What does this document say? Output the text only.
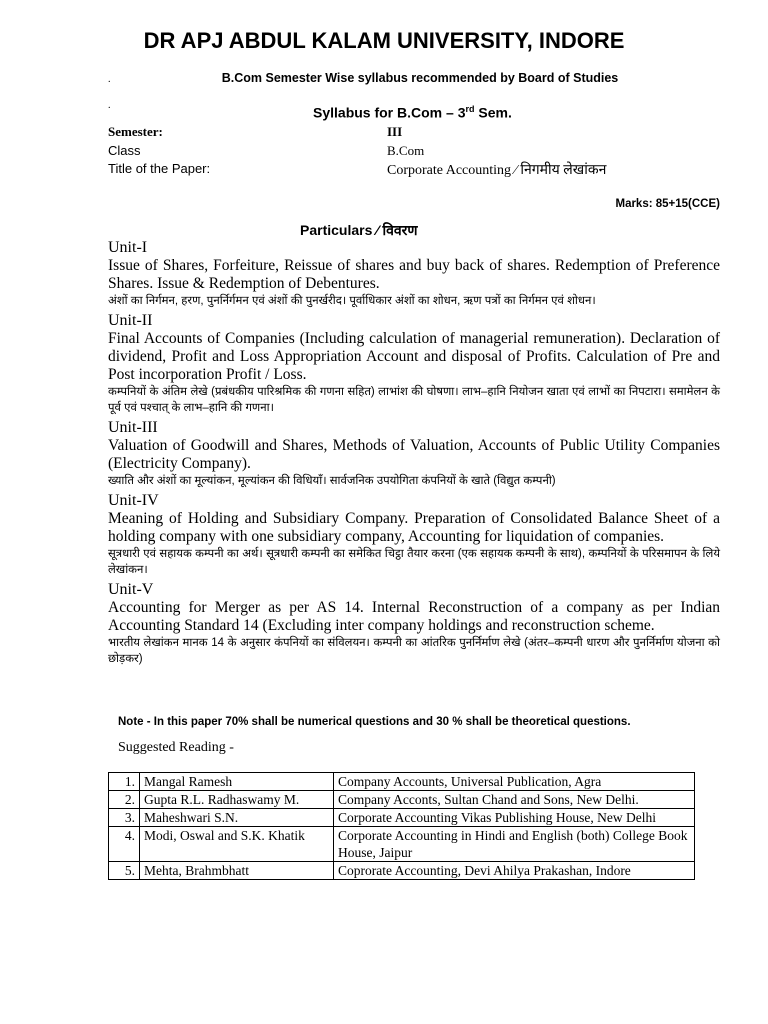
DR APJ ABDUL KALAM UNIVERSITY, INDORE
.	B.Com Semester Wise syllabus recommended by Board of Studies
.	Syllabus for B.Com – 3rd Sem.
Semester:	III
Class	B.Com
Title of the Paper:	Corporate Accounting ⁄ निगमीय लेखांकन
Marks: 85+15(CCE)
Particulars ⁄ विवरण

Unit-I

Issue of Shares, Forfeiture, Reissue of shares and buy back of shares. Redemption of Preference Shares. Issue & Redemption of Debentures.

अंशों का निर्गमन, हरण, पुनर्निर्गमन एवं अंशों की पुनर्खरीद। पूर्वाधिकार अंशों का शोधन, ऋण पत्रों का निर्गमन एवं शोधन।

Unit-II

Final Accounts of Companies (Including calculation of managerial remuneration). Declaration of dividend, Profit and Loss Appropriation Account and disposal of Profits. Calculation of Pre and Post incorporation Profit / Loss.

कम्पनियों के अंतिम लेखे (प्रबंधकीय पारिश्रमिक की गणना सहित) लाभांश की घोषणा। लाभ–हानि नियोजन खाता एवं लाभों का निपटारा। समामेलन के पूर्व एवं पश्चात् के लाभ–हानि की गणना।

Unit-III

Valuation of Goodwill and Shares, Methods of Valuation, Accounts of Public Utility Companies (Electricity Company).

ख्याति और अंशों का मूल्यांकन, मूल्यांकन की विधियाँ। सार्वजनिक उपयोगिता कंपनियों के खाते (विद्युत कम्पनी)

Unit-IV

Meaning of Holding and Subsidiary Company. Preparation of Consolidated Balance Sheet of a holding company with one subsidiary company, Accounting for liquidation of companies.

सूत्रधारी एवं सहायक कम्पनी का अर्थ। सूत्रधारी कम्पनी का समेकित चिट्ठा तैयार करना (एक सहायक कम्पनी के साथ), कम्पनियों के परिसमापन के लिये लेखांकन।

Unit-V

Accounting for Merger as per AS 14. Internal Reconstruction of a company as per Indian Accounting Standard 14 (Excluding inter company holdings and reconstruction scheme.

भारतीय लेखांकन मानक 14 के अनुसार कंपनियों का संविलयन। कम्पनी का आंतरिक पुनर्निर्माण लेखे (अंतर–कम्पनी धारण और पुनर्निर्माण योजना को छोड़कर)

Note - In this paper 70% shall be numerical questions and 30 % shall be theoretical questions.
Suggested Reading -
1.	Mangal Ramesh	Company Accounts, Universal Publication, Agra
2.	Gupta R.L. Radhaswamy M.	Company Acconts, Sultan Chand and Sons, New Delhi.
3.	Maheshwari S.N.	Corporate Accounting Vikas Publishing House, New Delhi
4.	Modi, Oswal and S.K. Khatik	Corporate Accounting in Hindi and English (both) College Book House, Jaipur
5.	Mehta, Brahmbhatt	Coprorate Accounting, Devi Ahilya Prakashan, Indore
